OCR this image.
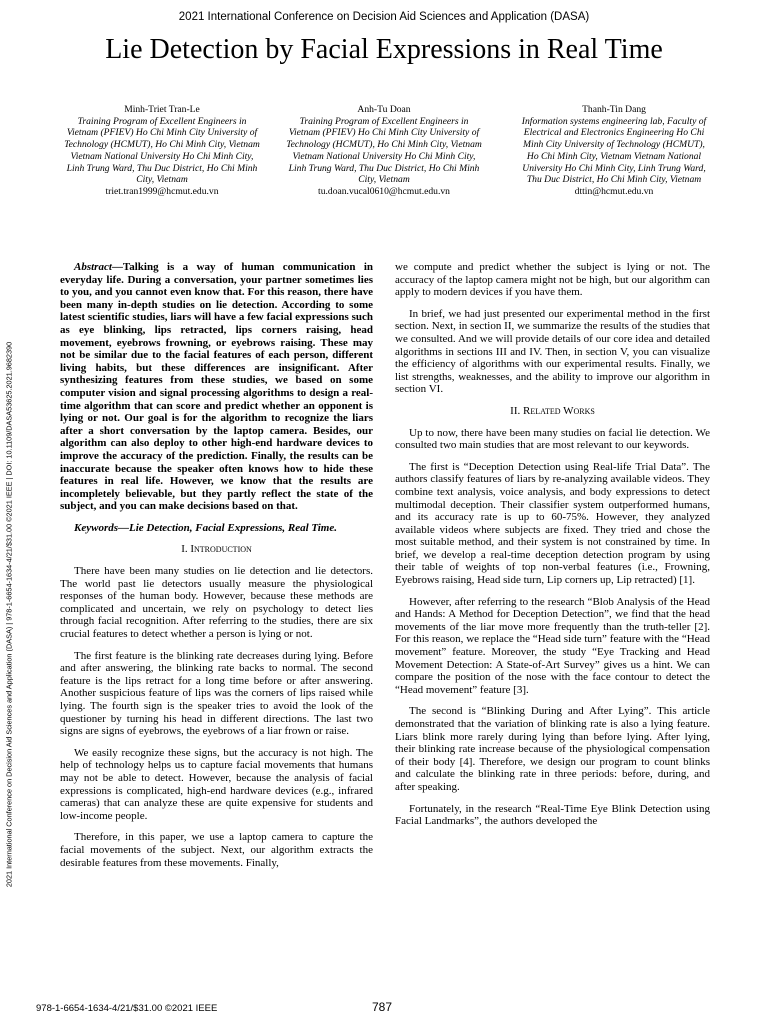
2021 International Conference on Decision Aid Sciences and Application (DASA)
Lie Detection by Facial Expressions in Real Time
Minh-Triet Tran-Le
Training Program of Excellent Engineers in Vietnam (PFIEV) Ho Chi Minh City University of Technology (HCMUT), Ho Chi Minh City, Vietnam Vietnam National University Ho Chi Minh City, Linh Trung Ward, Thu Duc District, Ho Chi Minh City, Vietnam
triet.tran1999@hcmut.edu.vn
Anh-Tu Doan
Training Program of Excellent Engineers in Vietnam (PFIEV) Ho Chi Minh City University of Technology (HCMUT), Ho Chi Minh City, Vietnam Vietnam National University Ho Chi Minh City, Linh Trung Ward, Thu Duc District, Ho Chi Minh City, Vietnam
tu.doan.vucal0610@hcmut.edu.vn
Thanh-Tin Dang
Information systems engineering lab, Faculty of Electrical and Electronics Engineering Ho Chi Minh City University of Technology (HCMUT), Ho Chi Minh City, Vietnam Vietnam National University Ho Chi Minh City, Linh Trung Ward, Thu Duc District, Ho Chi Minh City, Vietnam
dttin@hcmut.edu.vn

Abstract—Talking is a way of human communication in everyday life. During a conversation, your partner sometimes lies to you, and you cannot even know that. For this reason, there have been many in-depth studies on lie detection. According to some latest scientific studies, liars will have a few facial expressions such as eye blinking, lips retracted, lips corners raising, head movement, eyebrows frowning, or eyebrows raising. These may not be similar due to the facial features of each person, different living habits, but these differences are insignificant. After synthesizing features from these studies, we based on some computer vision and signal processing algorithms to design a real-time algorithm that can score and predict whether an opponent is lying or not. Our goal is for the algorithm to recognize the liars after a short conversation by the laptop camera. Besides, our algorithm can also deploy to other high-end hardware devices to improve the accuracy of the prediction. Finally, the results can be inaccurate because the speaker often knows how to hide these features in real life. However, we know that the results are incompletely believable, but they partly reflect the state of the subject, and you can make decisions based on that.

Keywords—Lie Detection, Facial Expressions, Real Time.

I. Introduction

There have been many studies on lie detection and lie detectors. The world past lie detectors usually measure the physiological responses of the human body. However, because these methods are complicated and uncertain, we rely on psychology to detect lies through facial recognition. After referring to the studies, there are six crucial features to detect whether a person is lying or not.

The first feature is the blinking rate decreases during lying. Before and after answering, the blinking rate backs to normal. The second feature is the lips retract for a long time before or after answering. Another suspicious feature of lips was the corners of lips raised while lying. The fourth sign is the speaker tries to avoid the look of the questioner by turning his head in different directions. The last two signs are signs of eyebrows, the eyebrows of a liar frown or raise.

We easily recognize these signs, but the accuracy is not high. The help of technology helps us to capture facial movements that humans may not be able to detect. However, because the analysis of facial expressions is complicated, high-end hardware devices (e.g., infrared cameras) that can analyze these are quite expensive for students and low-income people.

Therefore, in this paper, we use a laptop camera to capture the facial movements of the subject. Next, our algorithm extracts the desirable features from these movements. Finally,

we compute and predict whether the subject is lying or not. The accuracy of the laptop camera might not be high, but our algorithm can apply to modern devices if you have them.

In brief, we had just presented our experimental method in the first section. Next, in section II, we summarize the results of the studies that we consulted. And we will provide details of our core idea and detailed algorithms in sections III and IV. Then, in section V, you can visualize the efficiency of algorithms with our experimental results. Finally, we list strengths, weaknesses, and the ability to improve our algorithm in section VI.

II. Related Works

Up to now, there have been many studies on facial lie detection. We consulted two main studies that are most relevant to our keywords.

The first is “Deception Detection using Real-life Trial Data”. The authors classify features of liars by re-analyzing available videos. They combine text analysis, voice analysis, and body expressions to detect multimodal deception. Their classifier system outperformed humans, and its accuracy rate is up to 60-75%. However, they analyzed available videos where subjects are fixed. They tried and chose the most suitable method, and their system is not constrained by time. In brief, we develop a real-time deception detection program by using their table of weights of top non-verbal features (i.e., Frowning, Eyebrows raising, Head side turn, Lip corners up, Lip retracted) [1].

However, after referring to the research “Blob Analysis of the Head and Hands: A Method for Deception Detection”, we find that the head movements of the liar move more frequently than the truth-teller [2]. For this reason, we replace the “Head side turn” feature with the “Head movement” feature. Moreover, the study “Eye Tracking and Head Movement Detection: A State-of-Art Survey” gives us a hint. We can compare the position of the nose with the face contour to detect the “Head movement” feature [3].

The second is “Blinking During and After Lying”. This article demonstrated that the variation of blinking rate is also a lying feature. Liars blink more rarely during lying than before lying. After lying, their blinking rate increase because of the physiological compensation of their body [4]. Therefore, we design our program to count blinks and calculate the blinking rate in three periods: before, during, and after speaking.

Fortunately, in the research “Real-Time Eye Blink Detection using Facial Landmarks”, the authors developed the

2021 International Conference on Decision Aid Sciences and Application (DASA) | 978-1-6654-1634-4/21/$31.00 ©2021 IEEE | DOI: 10.1109/DASA53625.2021.9682390
978-1-6654-1634-4/21/$31.00 ©2021 IEEE	787
